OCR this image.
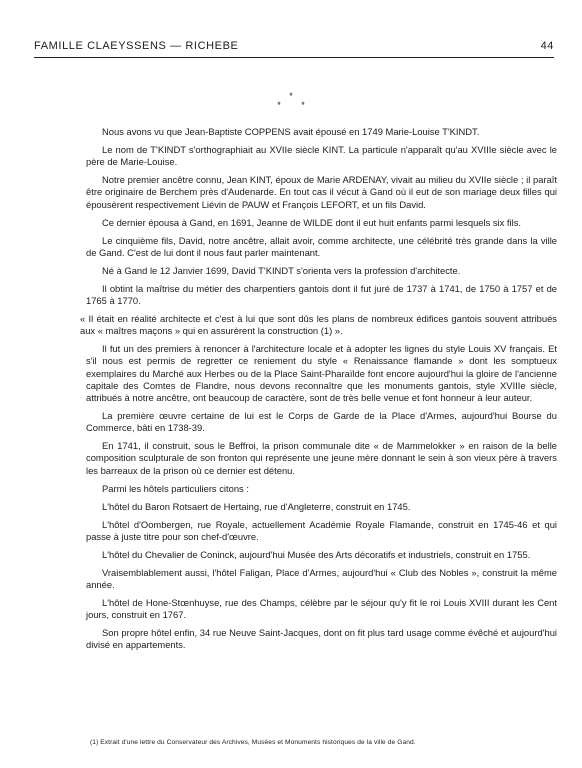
FAMILLE CLAEYSSENS — RICHEBE	44
*
* *

Nous avons vu que Jean-Baptiste COPPENS avait épousé en 1749 Marie-Louise T'KINDT.

Le nom de T'KINDT s'orthographiait au XVIIe siècle KINT. La particule n'apparaît qu'au XVIIIe siècle avec le père de Marie-Louise.

Notre premier ancêtre connu, Jean KINT, époux de Marie ARDENAY, vivait au milieu du XVIIe siècle ; il paraît être originaire de Berchem près d'Audenarde. En tout cas il vécut à Gand où il eut de son mariage deux filles qui épousèrent respectivement Liévin de PAUW et François LEFORT, et un fils David.

Ce dernier épousa à Gand, en 1691, Jeanne de WILDE dont il eut huit enfants parmi lesquels six fils.

Le cinquième fils, David, notre ancêtre, allait avoir, comme architecte, une célébrité très grande dans la ville de Gand. C'est de lui dont il nous faut parler maintenant.

Né à Gand le 12 Janvier 1699, David T'KINDT s'orienta vers la profession d'architecte.

Il obtint la maîtrise du métier des charpentiers gantois dont il fut juré de 1737 à 1741, de 1750 à 1757 et de 1765 à 1770.

« Il était en réalité architecte et c'est à lui que sont dûs les plans de nombreux édifices gantois souvent attribués aux « maîtres maçons » qui en assurèrent la construction (1) ».

Il fut un des premiers à renoncer à l'architecture locale et à adopter les lignes du style Louis XV français. Et s'il nous est permis de regretter ce reniement du style « Renaissance flamande » dont les somptueux exemplaires du Marché aux Herbes ou de la Place Saint-Pharaïlde font encore aujourd'hui la gloire de l'ancienne capitale des Comtes de Flandre, nous devons reconnaître que les monuments gantois, style XVIIIe siècle, attribués à notre ancêtre, ont beaucoup de caractère, sont de très belle venue et font honneur à leur auteur.

La première œuvre certaine de lui est le Corps de Garde de la Place d'Armes, aujourd'hui Bourse du Commerce, bâti en 1738-39.

En 1741, il construit, sous le Beffroi, la prison communale dite « de Mammelokker » en raison de la belle composition sculpturale de son fronton qui représente une jeune mère donnant le sein à son vieux père à travers les barreaux de la prison où ce dernier est détenu.

Parmi les hôtels particuliers citons :

L'hôtel du Baron Rotsaert de Hertaing, rue d'Angleterre, construit en 1745.

L'hôtel d'Oombergen, rue Royale, actuellement Académie Royale Flamande, construit en 1745-46 et qui passe à juste titre pour son chef-d'œuvre.

L'hôtel du Chevalier de Coninck, aujourd'hui Musée des Arts décoratifs et industriels, construit en 1755.

Vraisemblablement aussi, l'hôtel Faligan, Place d'Armes, aujourd'hui « Club des Nobles », construit la même année.

L'hôtel de Hone-Stœnhuyse, rue des Champs, célèbre par le séjour qu'y fit le roi Louis XVIII durant les Cent jours, construit en 1767.

Son propre hôtel enfin, 34 rue Neuve Saint-Jacques, dont on fit plus tard usage comme évêché et aujourd'hui divisé en appartements.

(1) Extrait d'une lettre du Conservateur des Archives, Musées et Monuments historiques de la ville de Gand.
